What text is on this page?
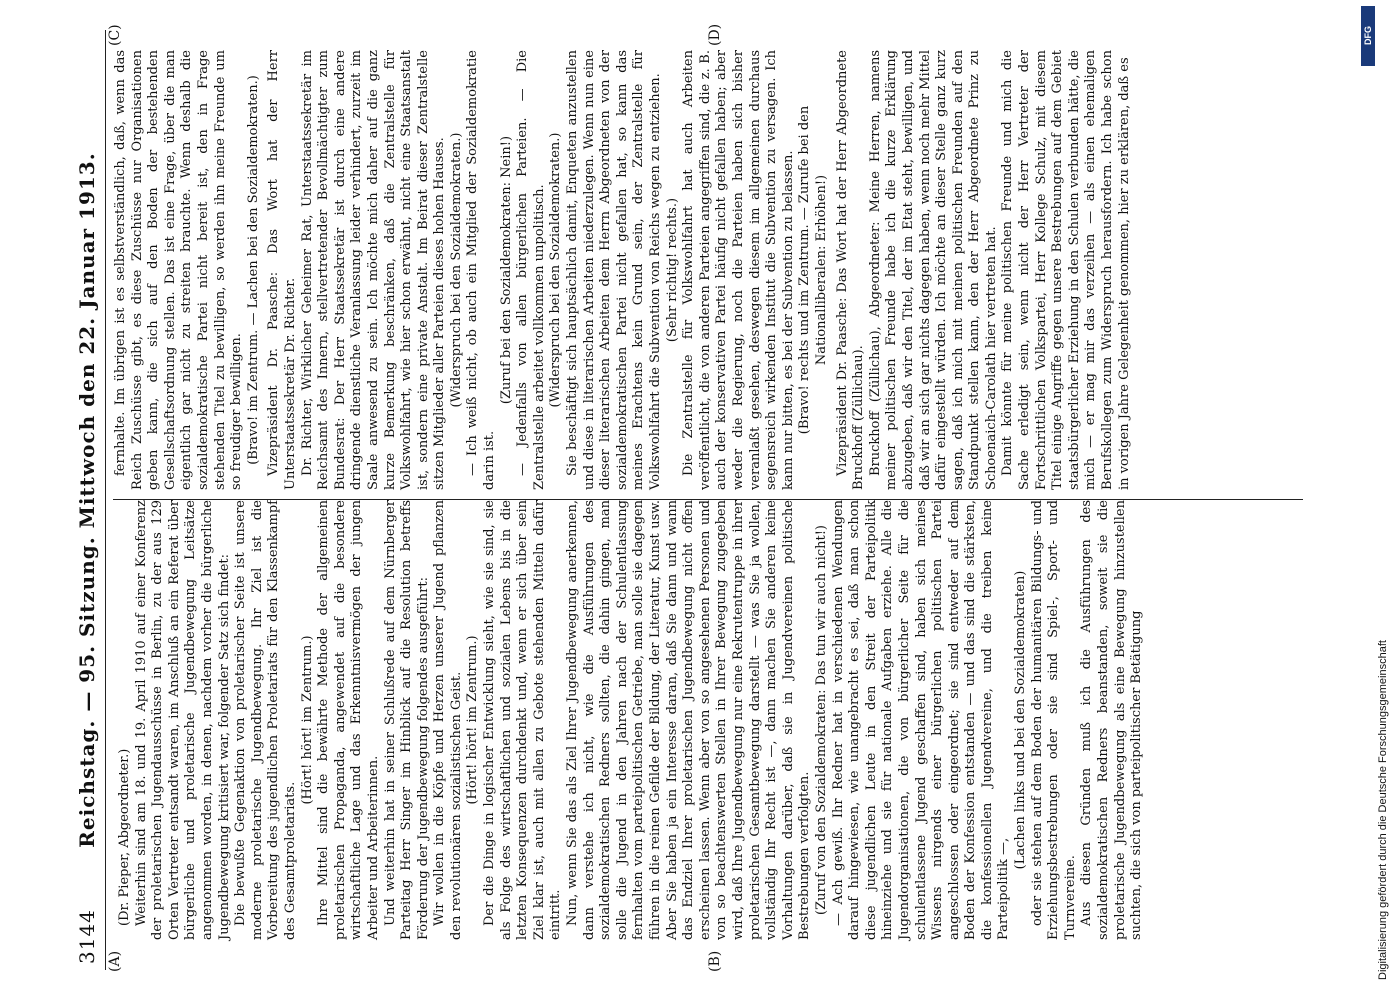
3144
Reichstag. — 95. Sitzung. Mittwoch den 22. Januar 1913.
(A)	(B)
(C)	(D)

(Dr. Pieper, Abgeordneter.) Weiterhin sind am 18. und 19. April 1910 auf einer Konferenz der proletarischen Jugendausschüsse in Berlin, zu der aus 129 Orten Vertreter entsandt waren, im Anschluß an ein Referat über bürgerliche und proletarische Jugendbewegung Leitsätze angenommen worden, in denen, nachdem vorher die bürgerliche Jugendbewegung kritisiert war, folgender Satz sich findet: Die bewußte Gegenaktion von proletarischer Seite ist unsere moderne proletarische Jugendbewegung. Ihr Ziel ist die Vorbereitung des jugendlichen Proletariats für den Klassenkampf des Gesamtproletariats.

(Hört! hört! im Zentrum.) Ihre Mittel sind die bewährte Methode der allgemeinen proletarischen Propaganda, angewendet auf die besondere wirtschaftliche Lage und das Erkenntnisvermögen der jungen Arbeiter und Arbeiterinnen. Und weiterhin hat in seiner Schlußrede auf dem Nürnberger Parteitag Herr Singer im Hinblick auf die Resolution betreffs Förderung der Jugendbewegung folgendes ausgeführt: Wir wollen in die Köpfe und Herzen unserer Jugend pflanzen den revolutionären sozialistischen Geist. (Hört! hört! im Zentrum.) Der die Dinge in logischer Entwicklung sieht, wie sie sind, sie als Folge des wirtschaftlichen und sozialen Lebens bis in die letzten Konsequenzen durchdenkt und, wenn er sich über sein Ziel klar ist, auch mit allen zu Gebote stehenden Mitteln dafür eintritt. Nun, wenn Sie das als Ziel Ihrer Jugendbewegung anerkennen, dann verstehe ich nicht, wie die Ausführungen des sozialdemokratischen Redners sollten, die dahin gingen, man solle die Jugend in den Jahren nach der Schulentlassung fernhalten vom parteipolitischen Getriebe, man solle sie dagegen führen in die reinen Gefilde der Bildung, der Literatur, Kunst usw. Aber Sie haben ja ein Interesse daran, daß Sie dann und wann das Endziel Ihrer proletarischen Jugendbewegung nicht offen erscheinen lassen. Wenn aber von so angesehenen Personen und von so beachtenswerten Stellen in Ihrer Bewegung zugegeben wird, daß Ihre Jugendbewegung nur eine Rekrutentruppe in ihrer proletarischen Gesamtbewegung darstellt — was Sie ja wollen, vollständig Ihr Recht ist —, dann machen Sie anderen keine Vorhaltungen darüber, daß sie in Jugendvereinen politische Bestrebungen verfolgten. (Zuruf von den Sozialdemokraten: Das tun wir auch nicht!) — Ach gewiß. Ihr Redner hat in verschiedenen Wendungen darauf hingewiesen, wie unangebracht es sei, daß man schon diese jugendlichen Leute in den Streit der Parteipolitik hineinziehe und sie für nationale Aufgaben erziehe. Alle die Jugendorganisationen, die von bürgerlicher Seite für die schulentlassene Jugend geschaffen sind, haben sich meines Wissens nirgends einer bürgerlichen politischen Partei angeschlossen oder eingeordnet; sie sind entweder auf dem Boden der Konfession entstanden — und das sind die stärksten, die konfessionellen Jugendvereine, und die treiben keine Parteipolitik —,

(Lachen links und bei den Sozialdemokraten) oder sie stehen auf dem Boden der humanitären Bildungs- und Erziehungsbestrebungen oder sie sind Spiel-, Sport- und Turnvereine. Aus diesen Gründen muß ich die Ausführungen des sozialdemokratischen Redners beanstanden, soweit sie die proletarische Jugendbewegung als eine Bewegung hinzustellen suchten, die sich von parteipolitischer Betätigung

fernhalte. Im übrigen ist es selbstverständlich, daß, wenn das Reich Zuschüsse gibt, es diese Zuschüsse nur Organisationen geben kann, die sich auf den Boden der bestehenden Gesellschaftsordnung stellen. Das ist eine Frage, über die man eigentlich gar nicht zu streiten brauchte. Wenn deshalb die sozialdemokratische Partei nicht bereit ist, den in Frage stehenden Titel zu bewilligen, so werden ihn meine Freunde um so freudiger bewilligen. (Bravo! im Zentrum. — Lachen bei den Sozialdemokraten.) Vizepräsident Dr. Paasche: Das Wort hat der Herr Unterstaatssekretär Dr. Richter. Dr. Richter, Wirklicher Geheimer Rat, Unterstaatssekretär im Reichsamt des Innern, stellvertretender Bevollmächtigter zum Bundesrat: Der Herr Staatssekretär ist durch eine andere dringende dienstliche Veranlassung leider verhindert, zurzeit im Saale anwesend zu sein. Ich möchte mich daher auf die ganz kurze Bemerkung beschränken, daß die Zentralstelle für Volkswohlfahrt, wie hier schon erwähnt, nicht eine Staatsanstalt ist, sondern eine private Anstalt. Im Beirat dieser Zentralstelle sitzen Mitglieder aller Parteien dieses hohen Hauses. (Widerspruch bei den Sozialdemokraten.) — Ich weiß nicht, ob auch ein Mitglied der Sozialdemokratie darin ist.

(Zuruf bei den Sozialdemokraten: Nein!) — Jedenfalls von allen bürgerlichen Parteien. — Die Zentralstelle arbeitet vollkommen unpolitisch. (Widerspruch bei den Sozialdemokraten.) Sie beschäftigt sich hauptsächlich damit, Enqueten anzustellen und diese in literarischen Arbeiten niederzulegen. Wenn nun eine dieser literarischen Arbeiten dem Herrn Abgeordneten von der sozialdemokratischen Partei nicht gefallen hat, so kann das meines Erachtens kein Grund sein, der Zentralstelle für Volkswohlfahrt die Subvention von Reichs wegen zu entziehen. (Sehr richtig! rechts.) Die Zentralstelle für Volkswohlfahrt hat auch Arbeiten veröffentlicht, die von anderen Parteien angegriffen sind, die z. B. auch der konservativen Partei häufig nicht gefallen haben; aber weder die Regierung, noch die Parteien haben sich bisher veranlaßt gesehen, deswegen diesem im allgemeinen durchaus segensreich wirkenden Institut die Subvention zu versagen. Ich kann nur bitten, es bei der Subvention zu belassen. (Bravo! rechts und im Zentrum. — Zurufe bei den Nationalliberalen: Erhöhen!) Vizepräsident Dr. Paasche: Das Wort hat der Herr Abgeordnete Bruckhoff (Züllichau). Bruckhoff (Züllichau), Abgeordneter: Meine Herren, namens meiner politischen Freunde habe ich die kurze Erklärung abzugeben, daß wir den Titel, der im Etat steht, bewilligen, und daß wir an sich gar nichts dagegen haben, wenn noch mehr Mittel dafür eingestellt würden. Ich möchte an dieser Stelle ganz kurz sagen, daß ich mich mit meinen politischen Freunden auf den Standpunkt stellen kann, den der Herr Abgeordnete Prinz zu Schoenaich-Carolath hier vertreten hat. Damit könnte für meine politischen Freunde und mich die Sache erledigt sein, wenn nicht der Herr Vertreter der Fortschrittlichen Volkspartei, Herr Kollege Schulz, mit diesem Titel einige Angriffe gegen unsere Bestrebungen auf dem Gebiet staatsbürgerlicher Erziehung in den Schulen verbunden hätte, die mich — er mag mir das verzeihen — als einen ehemaligen Berufskollegen zum Widerspruch herausfordern. Ich habe schon in vorigen Jahre Gelegenheit genommen, hier zu erklären, daß es

DFG
Digitalisierung gefördert durch die Deutsche Forschungsgemeinschaft
